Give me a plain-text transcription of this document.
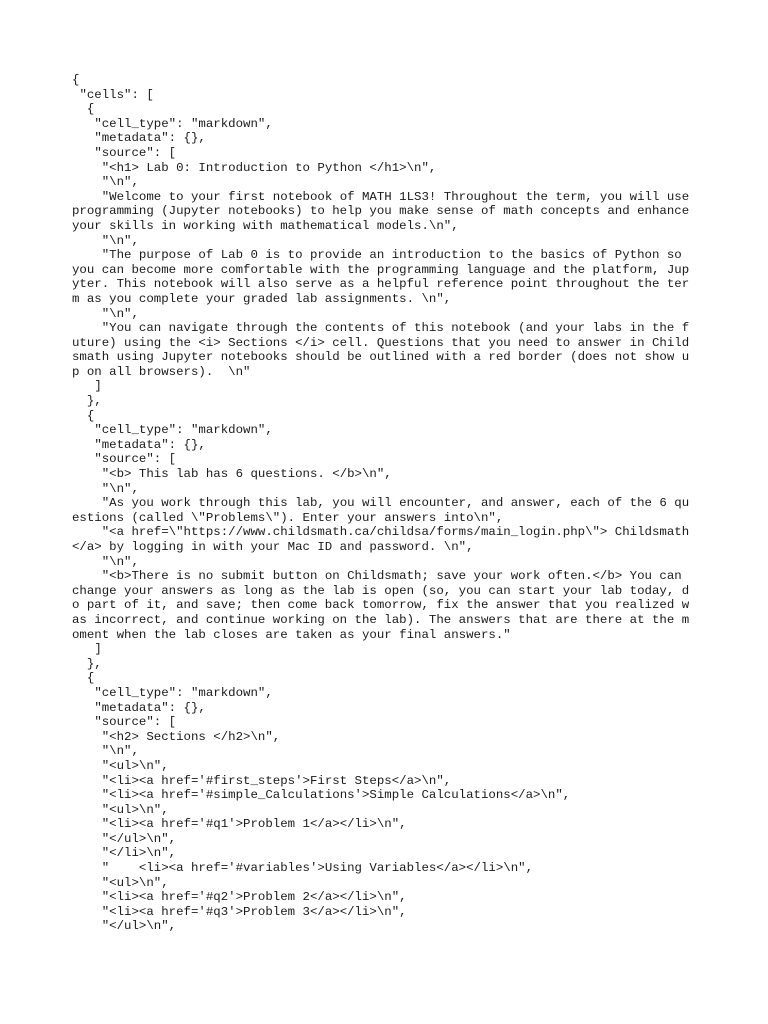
{
"cells": [
{
"cell_type": "markdown",
"metadata": {},
"source": [
"<h1> Lab 0: Introduction to Python </h1>\n",
"\n",
"Welcome to your first notebook of MATH 1LS3! Throughout the term, you will use programming (Jupyter notebooks) to help you make sense of math concepts and enhance your skills in working with mathematical models.\n",
"\n",
"The purpose of Lab 0 is to provide an introduction to the basics of Python so you can become more comfortable with the programming language and the platform, Jupyter. This notebook will also serve as a helpful reference point throughout the term as you complete your graded lab assignments. \n",
"\n",
"You can navigate through the contents of this notebook (and your labs in the future) using the <i> Sections </i> cell. Questions that you need to answer in Childsmath using Jupyter notebooks should be outlined with a red border (does not show up on all browsers).  \n"
]
},
{
"cell_type": "markdown",
"metadata": {},
"source": [
"<b> This lab has 6 questions. </b>\n",
"\n",
"As you work through this lab, you will encounter, and answer, each of the 6 questions (called \"Problems\"). Enter your answers into\n",
"<a href=\"https://www.childsmath.ca/childsa/forms/main_login.php\"> Childsmath</a> by logging in with your Mac ID and password. \n",
"\n",
"<b>There is no submit button on Childsmath; save your work often.</b> You can change your answers as long as the lab is open (so, you can start your lab today, do part of it, and save; then come back tomorrow, fix the answer that you realized was incorrect, and continue working on the lab). The answers that are there at the moment when the lab closes are taken as your final answers."
]
},
{
"cell_type": "markdown",
"metadata": {},
"source": [
"<h2> Sections </h2>\n",
"\n",
"<ul>\n",
"<li><a href='#first_steps'>First Steps</a>\n",
"<li><a href='#simple_Calculations'>Simple Calculations</a>\n",
"<ul>\n",
"<li><a href='#q1'>Problem 1</a></li>\n",
"</ul>\n",
"</li>\n",
"    <li><a href='#variables'>Using Variables</a></li>\n",
"<ul>\n",
"<li><a href='#q2'>Problem 2</a></li>\n",
"<li><a href='#q3'>Problem 3</a></li>\n",
"</ul>\n",
